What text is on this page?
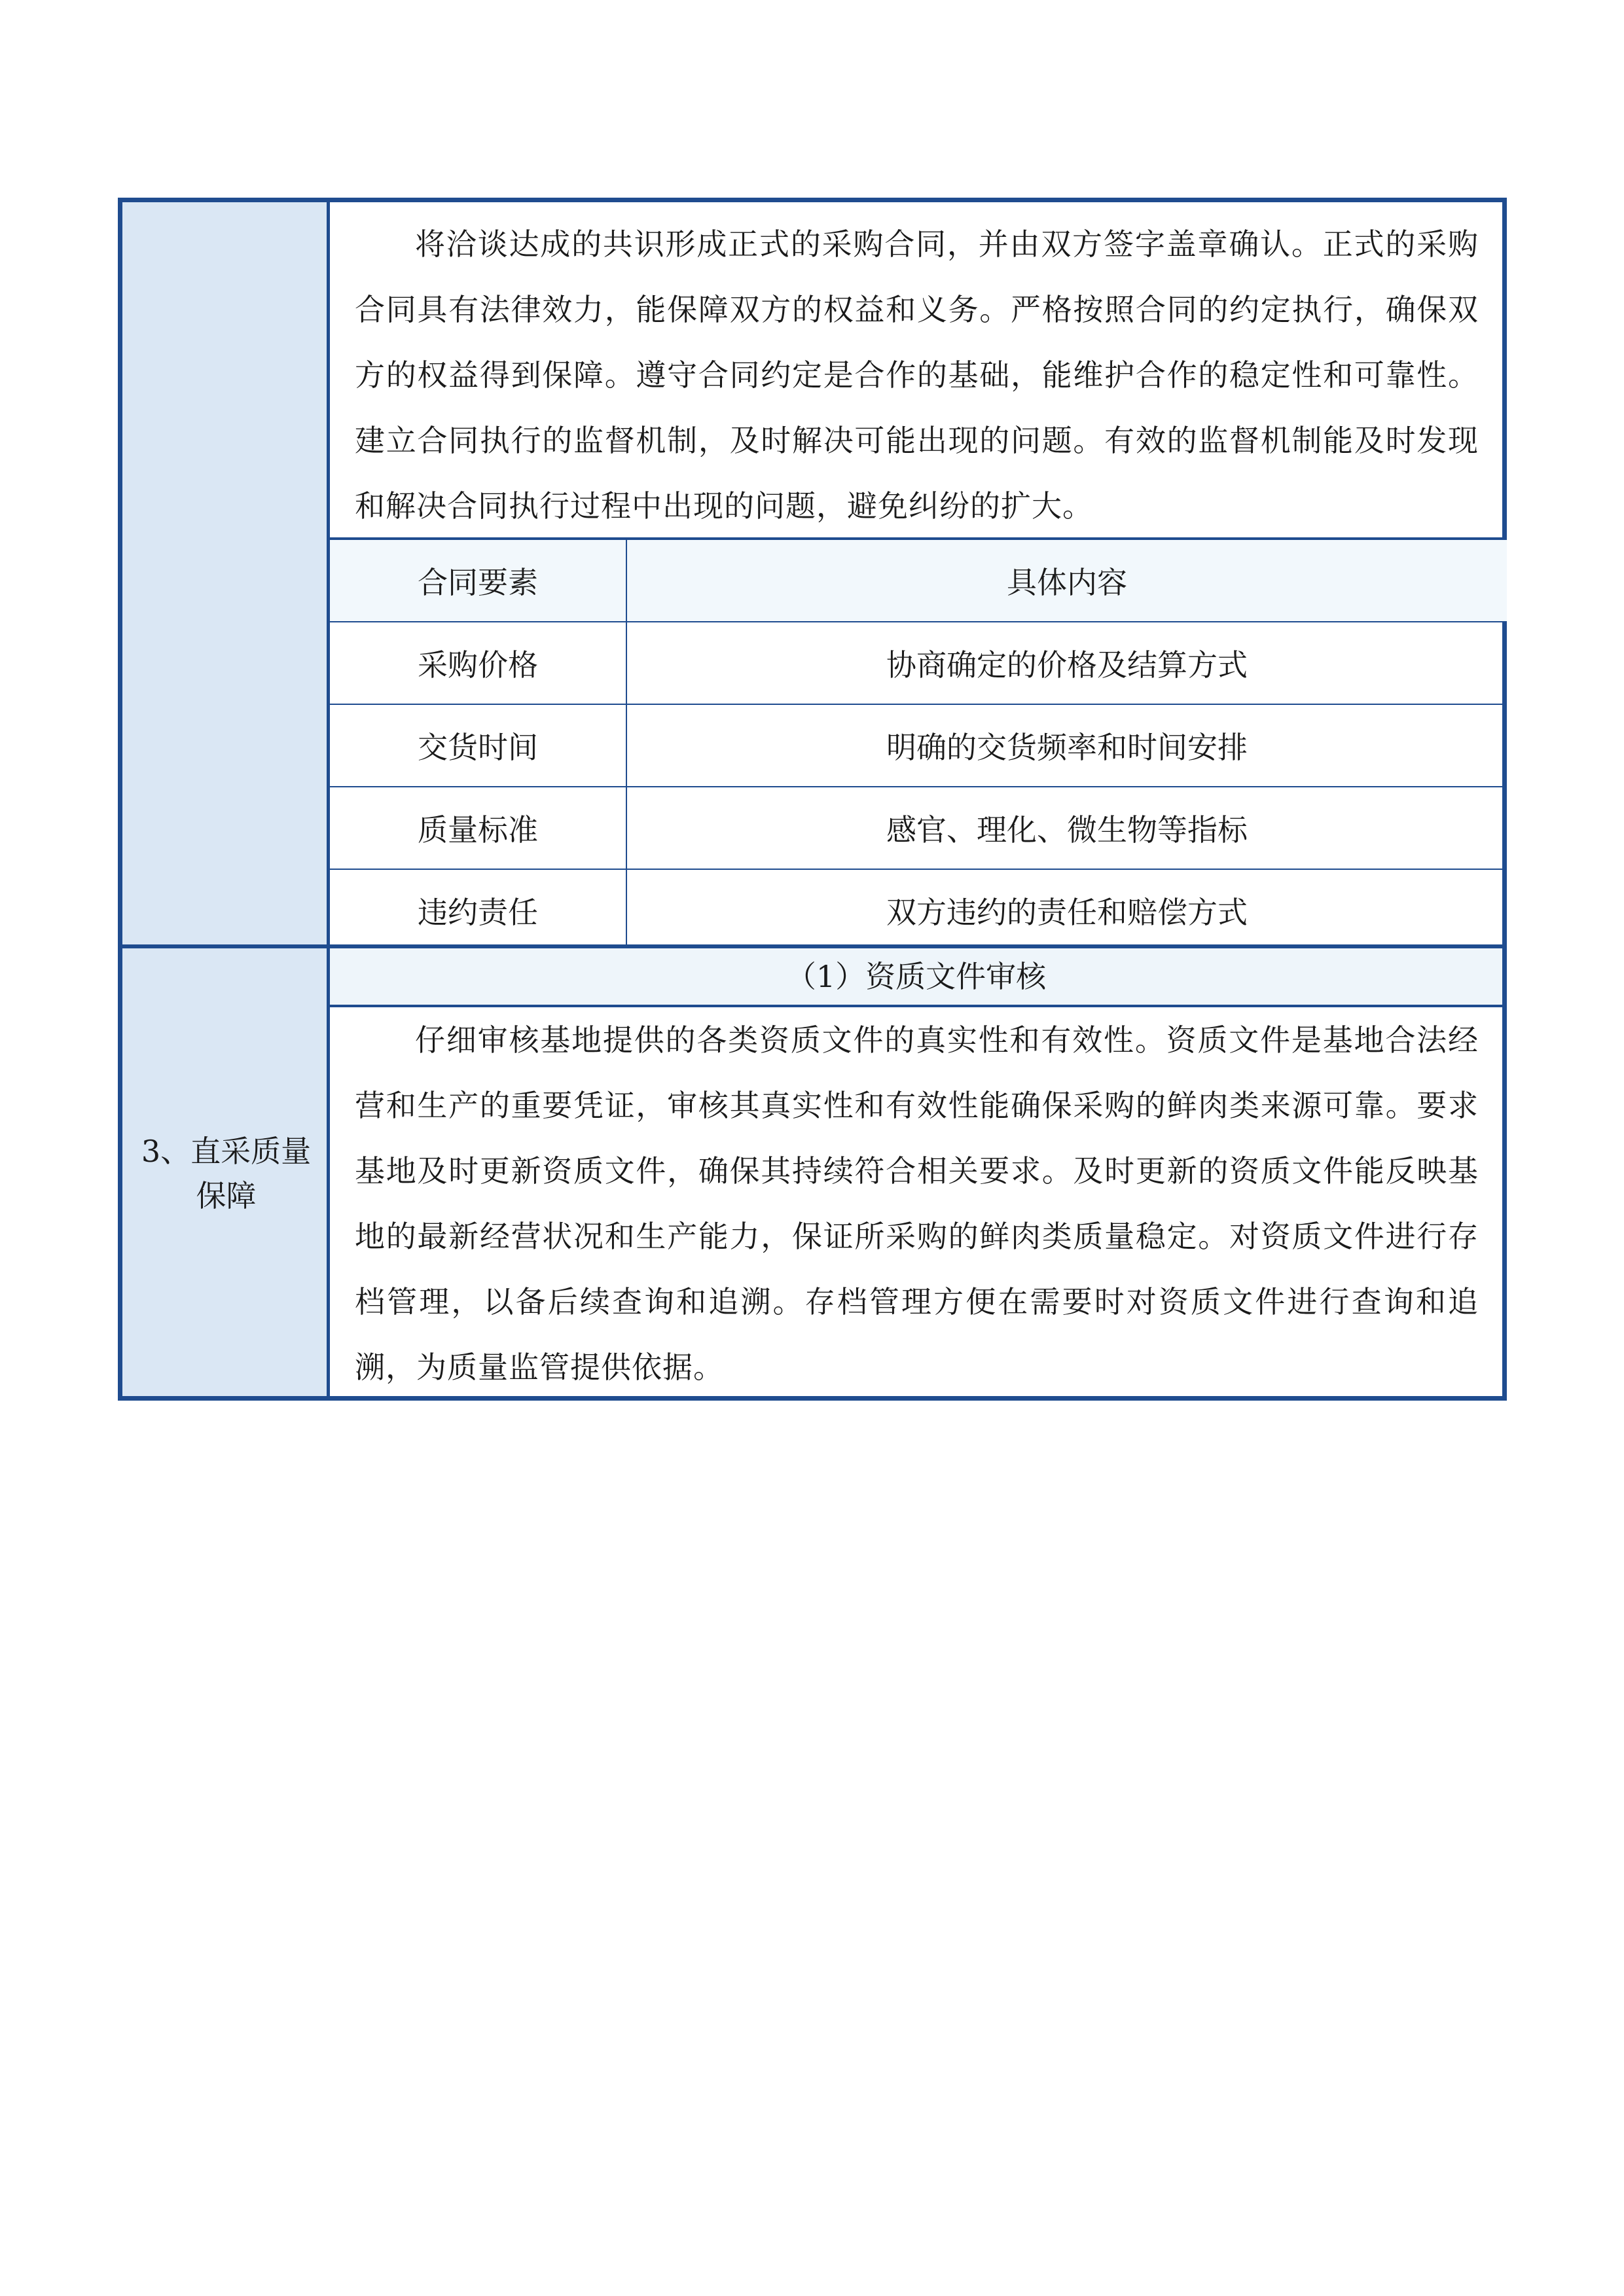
将洽谈达成的共识形成正式的采购合同，并由双方签字盖章确认。正式的采购合同具有法律效力，能保障双方的权益和义务。严格按照合同的约定执行，确保双方的权益得到保障。遵守合同约定是合作的基础，能维护合作的稳定性和可靠性。建立合同执行的监督机制，及时解决可能出现的问题。有效的监督机制能及时发现和解决合同执行过程中出现的问题，避免纠纷的扩大。

合同要素	具体内容
采购价格	协商确定的价格及结算方式
交货时间	明确的交货频率和时间安排
质量标准	感官、理化、微生物等指标
违约责任	双方违约的责任和赔偿方式
3、直采质量保障
（1）资质文件审核

仔细审核基地提供的各类资质文件的真实性和有效性。资质文件是基地合法经营和生产的重要凭证，审核其真实性和有效性能确保采购的鲜肉类来源可靠。要求基地及时更新资质文件，确保其持续符合相关要求。及时更新的资质文件能反映基地的最新经营状况和生产能力，保证所采购的鲜肉类质量稳定。对资质文件进行存档管理，以备后续查询和追溯。存档管理方便在需要时对资质文件进行查询和追溯，为质量监管提供依据。
